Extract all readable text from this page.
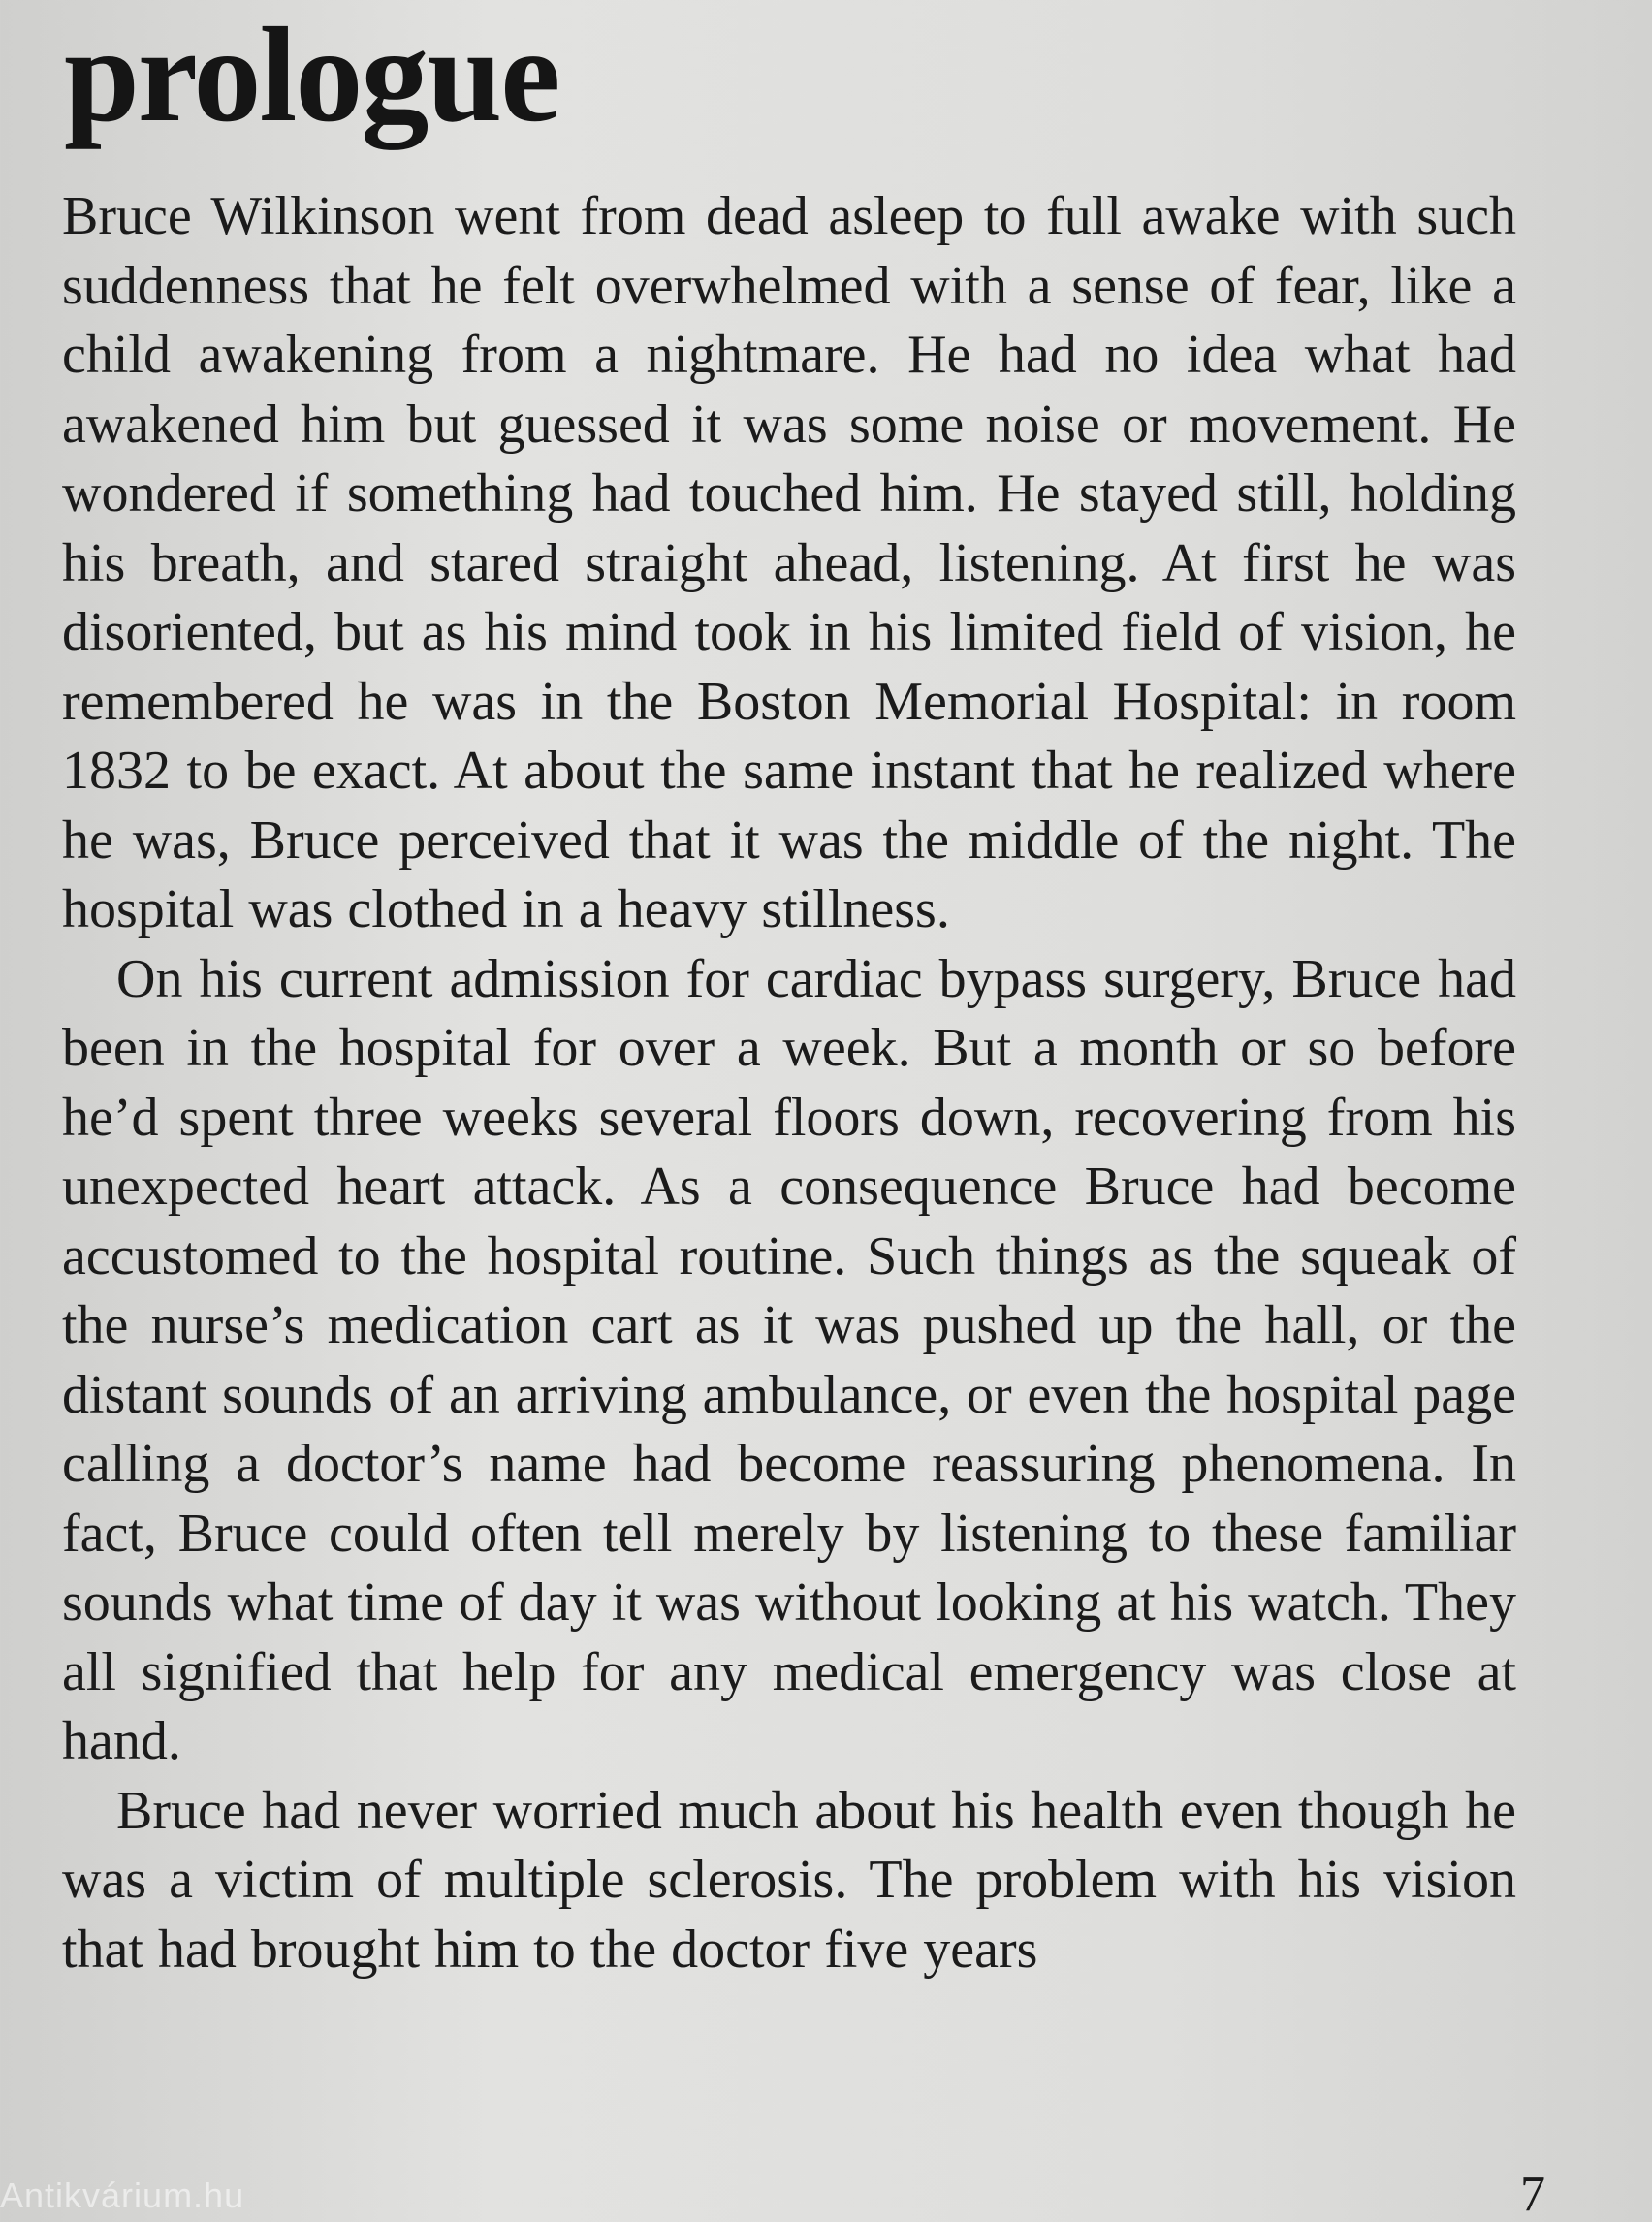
prologue

Bruce Wilkinson went from dead asleep to full awake with such suddenness that he felt overwhelmed with a sense of fear, like a child awakening from a nightmare. He had no idea what had awakened him but guessed it was some noise or movement. He wondered if something had touched him. He stayed still, holding his breath, and stared straight ahead, listening. At first he was disoriented, but as his mind took in his limited field of vision, he remembered he was in the Boston Memorial Hospital: in room 1832 to be exact. At about the same instant that he realized where he was, Bruce perceived that it was the middle of the night. The hospital was clothed in a heavy stillness.

On his current admission for cardiac bypass surgery, Bruce had been in the hospital for over a week. But a month or so before he’d spent three weeks several floors down, recovering from his unexpected heart attack. As a consequence Bruce had become accustomed to the hospital routine. Such things as the squeak of the nurse’s medication cart as it was pushed up the hall, or the distant sounds of an arriving ambulance, or even the hospital page calling a doctor’s name had become reassuring phenomena. In fact, Bruce could often tell merely by listening to these familiar sounds what time of day it was without looking at his watch. They all signified that help for any medical emergency was close at hand.

Bruce had never worried much about his health even though he was a victim of multiple sclerosis. The problem with his vision that had brought him to the doctor five years

Antikvárium.hu	7
